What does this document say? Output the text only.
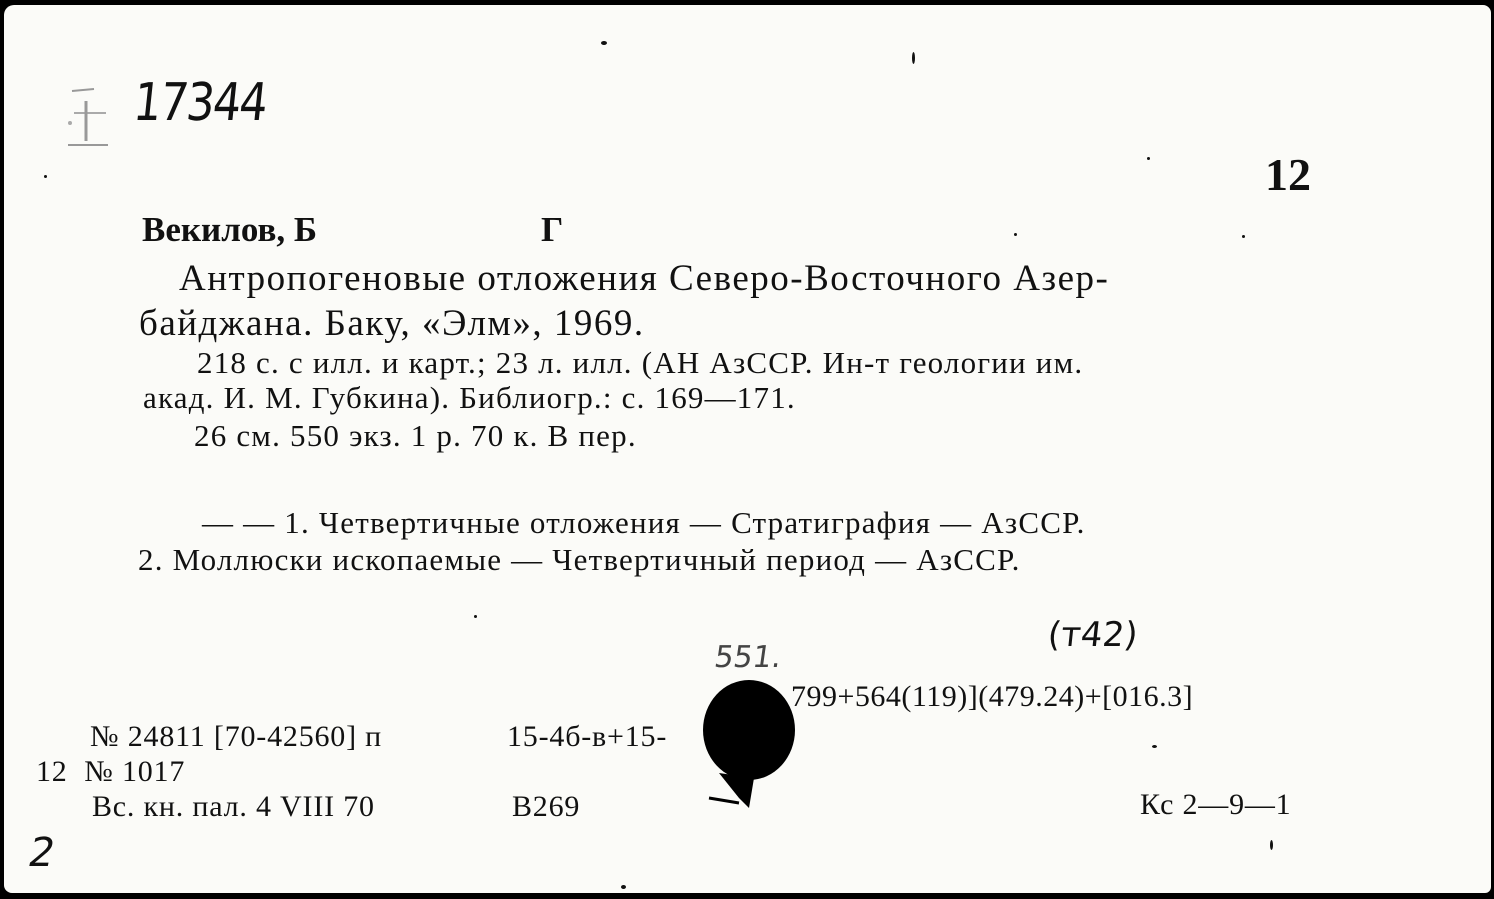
17344
12
Векилов, Б	Г
Антропогеновые отложения Северо-Восточного Азер-
байджана. Баку, «Элм», 1969.
218 с. с илл. и карт.; 23 л. илл. (АН АзССР. Ин-т геологии им.
акад. И. М. Губкина). Библиогр.: с. 169—171.
26 см. 550 экз. 1 р. 70 к. В пер.
— — 1. Четвертичные отложения — Стратиграфия — АзССР.
2. Моллюски ископаемые — Четвертичный период — АзССР.
551.
(т42)
799+564(119)](479.24)+[016.3]
№ 24811 [70-42560] п	15-4б-в+15-
12 № 1017
Вс. кн. пал. 4 VIII 70	В269	Кс 2—9—1
2
